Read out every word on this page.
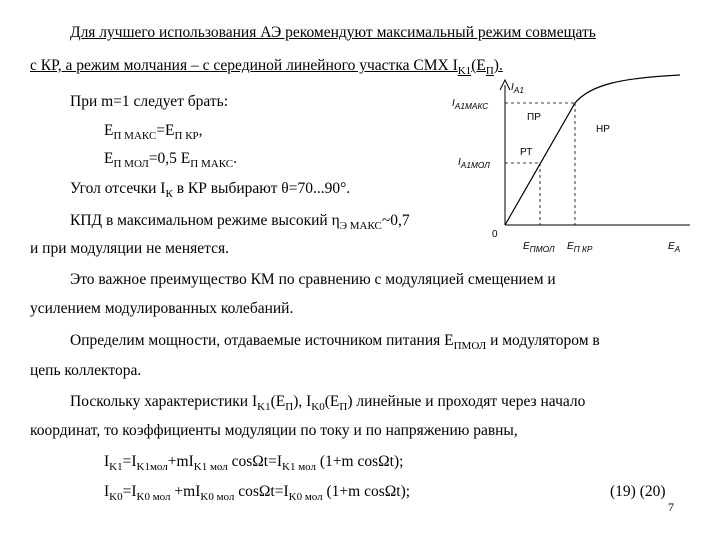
Для лучшего использования АЭ рекомендуют максимальный режим совмещать
с КР, а режим молчания – с серединой линейного участка СМХ $I_{K1}(E_П)$.
При m=1 следует брать:
$E_{П МАКС}=E_{П КР}$,
$E_{П МОЛ}=0,5$ $E_{П МАКС}$.
Угол отсечки $I_К$ в КР выбирают θ=70...90°.
КПД в максимальном режиме высокий $\eta_{Э МАКС}\sim 0,7$
и при модуляции не меняется.
Это важное преимущество КМ по сравнению с модуляцией смещением и
усилением модулированных колебаний.
Определим мощности, отдаваемые источником питания $E_{ПМОЛ}$ и модулятором в
цепь коллектора.
Поскольку характеристики $I_{K1}(E_П)$, $I_{K0}(E_П)$ линейные и проходят через начало
координат, то коэффициенты модуляции по току и по напряжению равны,
$I_{K1}=I_{K1мол}+mI_{K1 мол}$ $\cos\Omega t=I_{K1 мол}$ (1+m cosΩt);
$I_{K0}=I_{K0 мол} +mI_{K0 мол}$ $\cos\Omega t=I_{K0 мол}$ (1+m cosΩt);	(19) (20)
7
$I_{A1}$
$I_{A1МАКС}$
$I_{A1МОЛ}$
0
$E_{ПМОЛ}$ $E_{П КР}$	$E_A$
ПР
НР
РТ
